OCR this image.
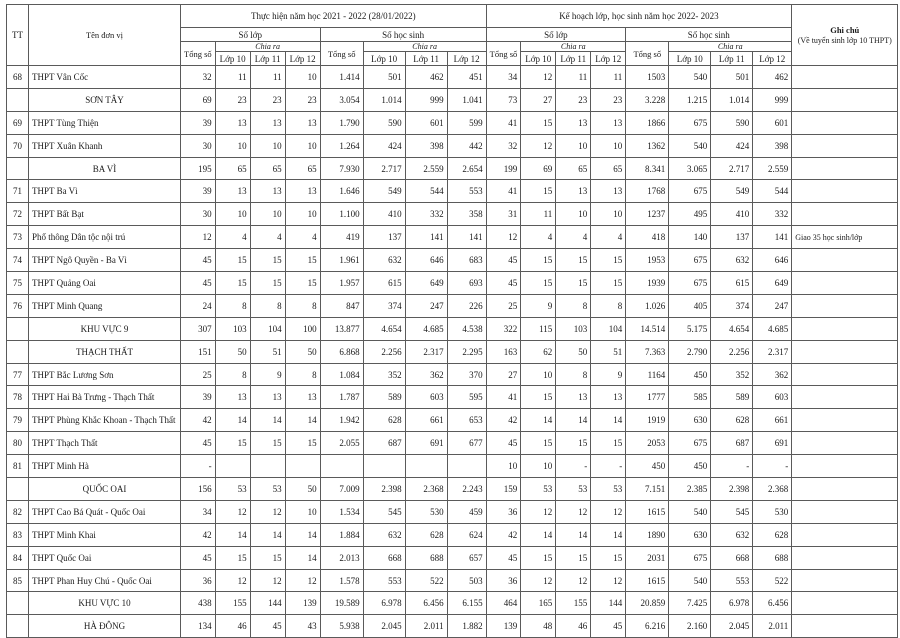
TT	Tên đơn vị	Thực hiện năm học 2021 - 2022 (28/01/2022)								Kế hoạch lớp, học sinh năm học 2022- 2023								Ghi chú
(Về tuyển sinh lớp 10 THPT)
		Số lớp				Số học sinh				Số lớp				Số học sinh				
		Tổng số	Chia ra			Tổng số	Chia ra			Tổng số	Chia ra			Tổng số	Chia ra			
			Lớp 10	Lớp 11	Lớp 12		Lớp 10	Lớp 11	Lớp 12		Lớp 10	Lớp 11	Lớp 12		Lớp 10	Lớp 11	Lớp 12	
68	THPT Vân Cốc	32	11	11	10	1.414	501	462	451	34	12	11	11	1503	540	501	462	
	SƠN TÂY	69	23	23	23	3.054	1.014	999	1.041	73	27	23	23	3.228	1.215	1.014	999	
69	THPT Tùng Thiện	39	13	13	13	1.790	590	601	599	41	15	13	13	1866	675	590	601	
70	THPT Xuân Khanh	30	10	10	10	1.264	424	398	442	32	12	10	10	1362	540	424	398	
	BA VÌ	195	65	65	65	7.930	2.717	2.559	2.654	199	69	65	65	8.341	3.065	2.717	2.559	
71	THPT Ba Vì	39	13	13	13	1.646	549	544	553	41	15	13	13	1768	675	549	544	
72	THPT Bất Bạt	30	10	10	10	1.100	410	332	358	31	11	10	10	1237	495	410	332	
73	Phổ thông Dân tộc nội trú	12	4	4	4	419	137	141	141	12	4	4	4	418	140	137	141	Giao 35 học sinh/lớp
74	THPT Ngô Quyền - Ba Vì	45	15	15	15	1.961	632	646	683	45	15	15	15	1953	675	632	646	
75	THPT Quảng Oai	45	15	15	15	1.957	615	649	693	45	15	15	15	1939	675	615	649	
76	THPT Minh Quang	24	8	8	8	847	374	247	226	25	9	8	8	1.026	405	374	247	
	KHU VỰC 9	307	103	104	100	13.877	4.654	4.685	4.538	322	115	103	104	14.514	5.175	4.654	4.685	
	THẠCH THẤT	151	50	51	50	6.868	2.256	2.317	2.295	163	62	50	51	7.363	2.790	2.256	2.317	
77	THPT Bắc Lương Sơn	25	8	9	8	1.084	352	362	370	27	10	8	9	1164	450	352	362	
78	THPT Hai Bà Trưng - Thạch Thất	39	13	13	13	1.787	589	603	595	41	15	13	13	1777	585	589	603	
79	THPT Phùng Khắc Khoan - Thạch Thất	42	14	14	14	1.942	628	661	653	42	14	14	14	1919	630	628	661	
80	THPT Thạch Thất	45	15	15	15	2.055	687	691	677	45	15	15	15	2053	675	687	691	
81	THPT Minh Hà	-								10	10	-	-	450	450	-	-	
	QUỐC OAI	156	53	53	50	7.009	2.398	2.368	2.243	159	53	53	53	7.151	2.385	2.398	2.368	
82	THPT Cao Bá Quát - Quốc Oai	34	12	12	10	1.534	545	530	459	36	12	12	12	1615	540	545	530	
83	THPT Minh Khai	42	14	14	14	1.884	632	628	624	42	14	14	14	1890	630	632	628	
84	THPT Quốc Oai	45	15	15	14	2.013	668	688	657	45	15	15	15	2031	675	668	688	
85	THPT Phan Huy Chú - Quốc Oai	36	12	12	12	1.578	553	522	503	36	12	12	12	1615	540	553	522	
	KHU VỰC 10	438	155	144	139	19.589	6.978	6.456	6.155	464	165	155	144	20.859	7.425	6.978	6.456	
	HÀ ĐÔNG	134	46	45	43	5.938	2.045	2.011	1.882	139	48	46	45	6.216	2.160	2.045	2.011	
